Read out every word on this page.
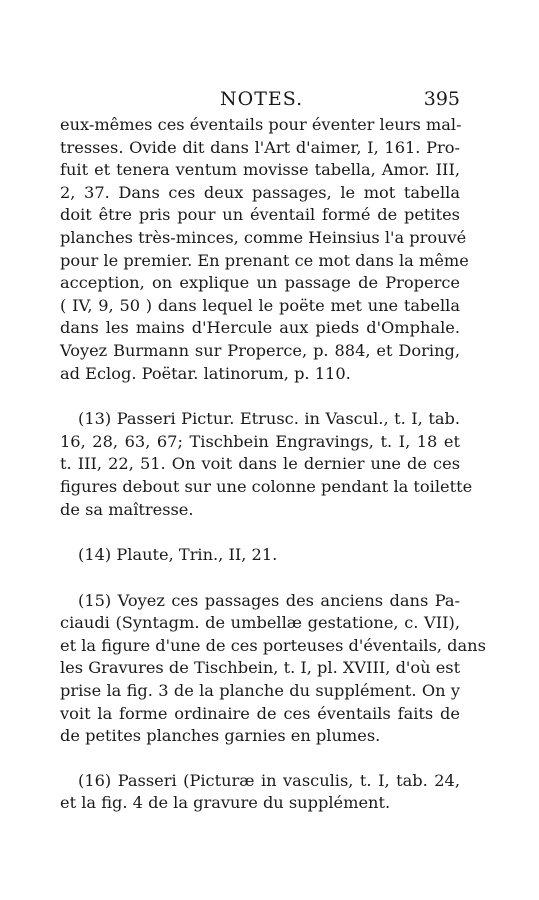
NOTES.	395
eux-mêmes ces éventails pour éventer leurs mal-
tresses. Ovide dit dans l'Art d'aimer, I, 161. Pro-
fuit et tenera ventum movisse tabella, Amor. III,
2, 37. Dans ces deux passages, le mot tabella
doit être pris pour un éventail formé de petites
planches très-minces, comme Heinsius l'a prouvé
pour le premier. En prenant ce mot dans la même
acception, on explique un passage de Properce
( IV, 9, 50 ) dans lequel le poëte met une tabella
dans les mains d'Hercule aux pieds d'Omphale.
Voyez Burmann sur Properce, p. 884, et Doring,
ad Eclog. Poëtar. latinorum, p. 110.
(13) Passeri Pictur. Etrusc. in Vascul., t. I, tab.
16, 28, 63, 67; Tischbein Engravings, t. I, 18 et
t. III, 22, 51. On voit dans le dernier une de ces
figures debout sur une colonne pendant la toilette
de sa maîtresse.
(14) Plaute, Trin., II, 21.
(15) Voyez ces passages des anciens dans Pa-
ciaudi (Syntagm. de umbellæ gestatione, c. VII),
et la figure d'une de ces porteuses d'éventails, dans
les Gravures de Tischbein, t. I, pl. XVIII, d'où est
prise la fig. 3 de la planche du supplément. On y
voit la forme ordinaire de ces éventails faits de
de petites planches garnies en plumes.
(16) Passeri (Picturæ in vasculis, t. I, tab. 24,
et la fig. 4 de la gravure du supplément.
